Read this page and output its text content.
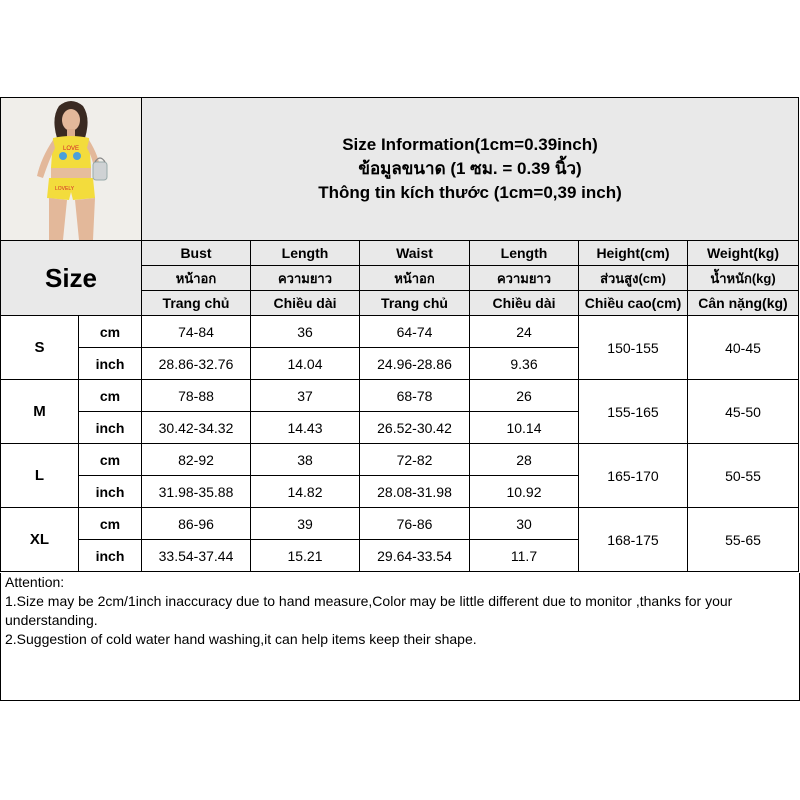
LOVE
LOVELY		Size Information(1cm=0.39inch)
ข้อมูลขนาด (1 ซม. = 0.39 นิ้ว)
Thông tin kích thước (1cm=0,39 inch)					

Size		Bust	Length	Waist	Length	Height(cm)	Weight(kg)
		หน้าอก	ความยาว	หน้าอก	ความยาว	ส่วนสูง(cm)	น้ำหนัก(kg)
		Trang chủ	Chiều dài	Trang chủ	Chiều dài	Chiều cao(cm)	Cân nặng(kg)
S	cm	74-84	36	64-74	24	150-155	40-45
	inch	28.86-32.76	14.04	24.96-28.86	9.36		
M	cm	78-88	37	68-78	26	155-165	45-50
	inch	30.42-34.32	14.43	26.52-30.42	10.14		
L	cm	82-92	38	72-82	28	165-170	50-55
	inch	31.98-35.88	14.82	28.08-31.98	10.92		
XL	cm	86-96	39	76-86	30	168-175	55-65
	inch	33.54-37.44	15.21	29.64-33.54	11.7		

Attention:

1.Size may be 2cm/1inch inaccuracy due to hand measure,Color may be little different due to monitor ,thanks for your understanding.

2.Suggestion of cold water hand washing,it can help items keep their shape.
